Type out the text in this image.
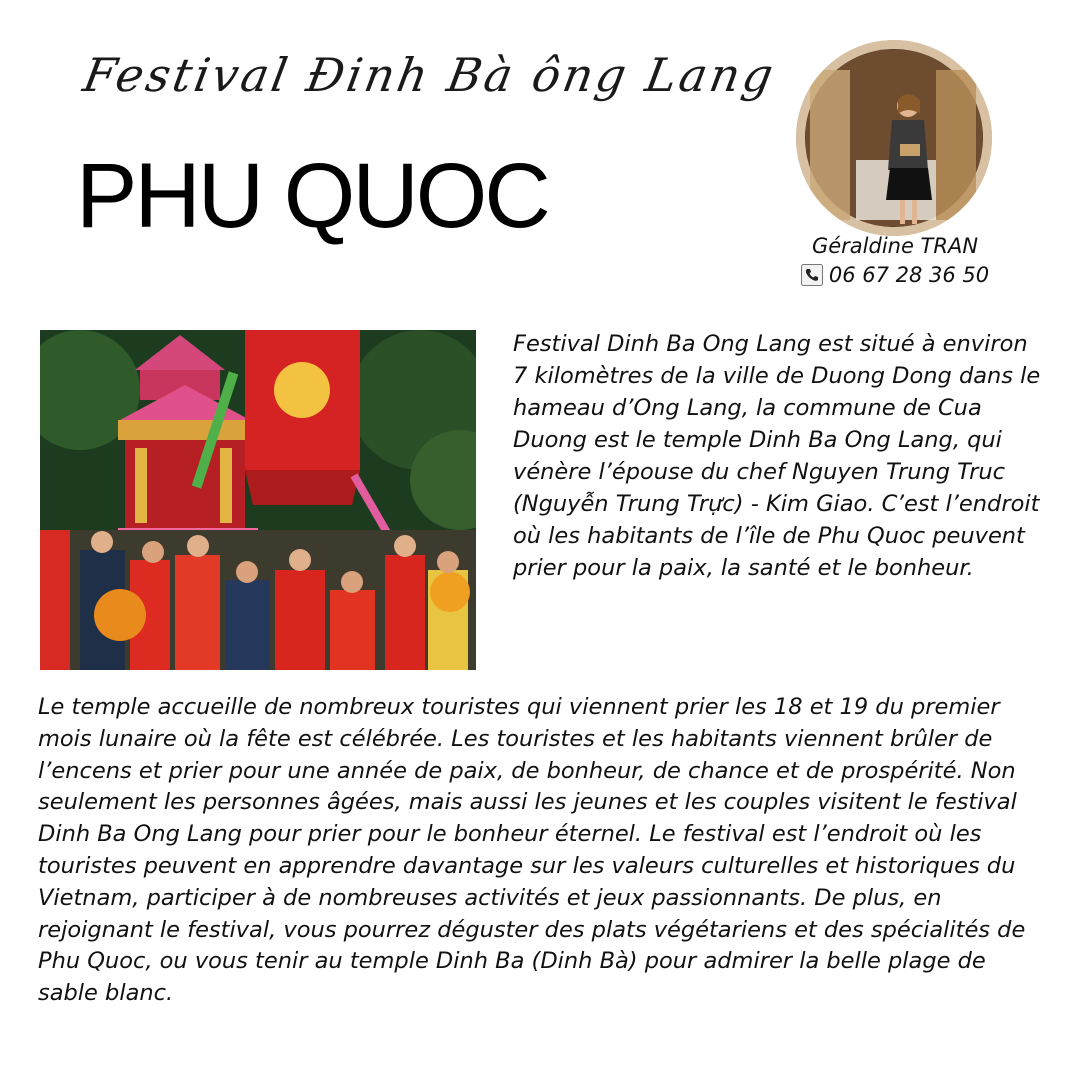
Festival Đinh Bà ông Lang
PHU QUOC	Géraldine TRAN
06 67 28 36 50

Festival Dinh Ba Ong Lang est situé à environ 7 kilomètres de la ville de Duong Dong dans le hameau d’Ong Lang, la commune de Cua Duong est le temple Dinh Ba Ong Lang, qui vénère l’épouse du chef Nguyen Trung Truc (Nguyễn Trung Trực) - Kim Giao. C’est l’endroit où les habitants de l’île de Phu Quoc peuvent prier pour la paix, la santé et le bonheur.

Le temple accueille de nombreux touristes qui viennent prier les 18 et 19 du premier mois lunaire où la fête est célébrée. Les touristes et les habitants viennent brûler de l’encens et prier pour une année de paix, de bonheur, de chance et de prospérité. Non seulement les personnes âgées, mais aussi les jeunes et les couples visitent le festival Dinh Ba Ong Lang pour prier pour le bonheur éternel. Le festival est l’endroit où les touristes peuvent en apprendre davantage sur les valeurs culturelles et historiques du Vietnam, participer à de nombreuses activités et jeux passionnants. De plus, en rejoignant le festival, vous pourrez déguster des plats végétariens et des spécialités de Phu Quoc, ou vous tenir au temple Dinh Ba (Dinh Bà) pour admirer la belle plage de sable blanc.
